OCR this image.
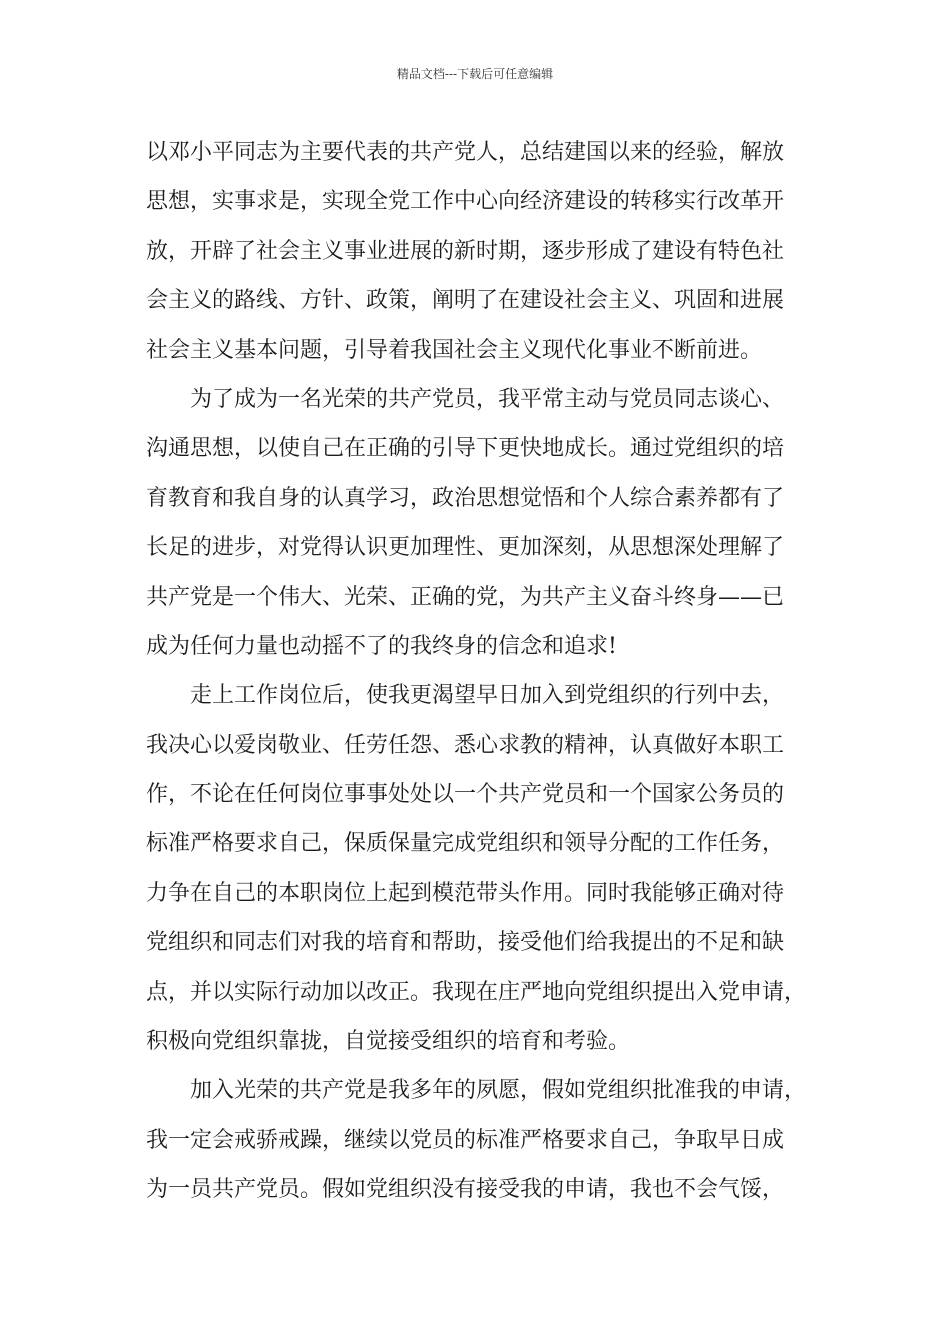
精品文档---下载后可任意编辑
以邓小平同志为主要代表的共产党人，总结建国以来的经验，解放
思想，实事求是，实现全党工作中心向经济建设的转移实行改革开
放，开辟了社会主义事业进展的新时期，逐步形成了建设有特色社
会主义的路线、方针、政策，阐明了在建设社会主义、巩固和进展
社会主义基本问题，引导着我国社会主义现代化事业不断前进。
为了成为一名光荣的共产党员，我平常主动与党员同志谈心、
沟通思想，以使自己在正确的引导下更快地成长。通过党组织的培
育教育和我自身的认真学习，政治思想觉悟和个人综合素养都有了
长足的进步，对党得认识更加理性、更加深刻，从思想深处理解了
共产党是一个伟大、光荣、正确的党，为共产主义奋斗终身——已
成为任何力量也动摇不了的我终身的信念和追求!
走上工作岗位后，使我更渴望早日加入到党组织的行列中去，
我决心以爱岗敬业、任劳任怨、悉心求教的精神，认真做好本职工
作，不论在任何岗位事事处处以一个共产党员和一个国家公务员的
标准严格要求自己，保质保量完成党组织和领导分配的工作任务，
力争在自己的本职岗位上起到模范带头作用。同时我能够正确对待
党组织和同志们对我的培育和帮助，接受他们给我提出的不足和缺
点，并以实际行动加以改正。我现在庄严地向党组织提出入党申请，
积极向党组织靠拢，自觉接受组织的培育和考验。
加入光荣的共产党是我多年的夙愿，假如党组织批准我的申请，
我一定会戒骄戒躁，继续以党员的标准严格要求自己，争取早日成
为一员共产党员。假如党组织没有接受我的申请，我也不会气馁，
